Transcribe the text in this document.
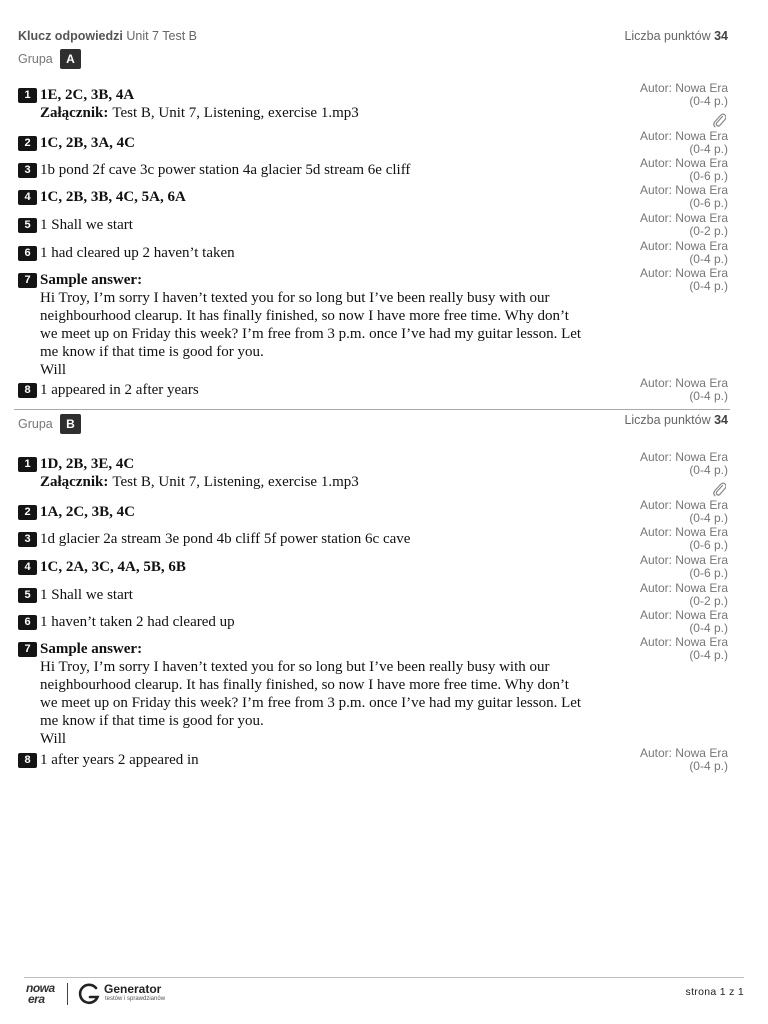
Klucz odpowiedzi Unit 7 Test B	Liczba punktów 34
Grupa	A
1 1E, 2C, 3B, 4A
Załącznik: Test B, Unit 7, Listening, exercise 1.mp3
Autor: Nowa Era
(0-4 p.)
2 1C, 2B, 3A, 4C	Autor: Nowa Era
(0-4 p.)
3 1b pond 2f cave 3c power station 4a glacier 5d stream 6e cliff	Autor: Nowa Era
(0-6 p.)
4 1C, 2B, 3B, 4C, 5A, 6A	Autor: Nowa Era
(0-6 p.)
5 1 Shall we start	Autor: Nowa Era
(0-2 p.)
6 1 had cleared up 2 haven’t taken	Autor: Nowa Era
(0-4 p.)
7 Sample answer:
Hi Troy, I’m sorry I haven’t texted you for so long but I’ve been really busy with our
neighbourhood clearup. It has finally finished, so now I have more free time. Why don’t
we meet up on Friday this week? I’m free from 3 p.m. once I’ve had my guitar lesson. Let
me know if that time is good for you.
Will
Autor: Nowa Era
(0-4 p.)
8 1 appeared in 2 after years	Autor: Nowa Era
(0-4 p.)
Grupa	B	Liczba punktów 34
1 1D, 2B, 3E, 4C
Załącznik: Test B, Unit 7, Listening, exercise 1.mp3
Autor: Nowa Era
(0-4 p.)
2 1A, 2C, 3B, 4C	Autor: Nowa Era
(0-4 p.)
3 1d glacier 2a stream 3e pond 4b cliff 5f power station 6c cave	Autor: Nowa Era
(0-6 p.)
4 1C, 2A, 3C, 4A, 5B, 6B	Autor: Nowa Era
(0-6 p.)
5 1 Shall we start	Autor: Nowa Era
(0-2 p.)
6 1 haven’t taken 2 had cleared up	Autor: Nowa Era
(0-4 p.)
7 Sample answer:
Hi Troy, I’m sorry I haven’t texted you for so long but I’ve been really busy with our
neighbourhood clearup. It has finally finished, so now I have more free time. Why don’t
we meet up on Friday this week? I’m free from 3 p.m. once I’ve had my guitar lesson. Let
me know if that time is good for you.
Will
Autor: Nowa Era
(0-4 p.)
8 1 after years 2 appeared in	Autor: Nowa Era
(0-4 p.)
nowa
era
Generator
testów i sprawdzianów
strona 1 z 1
